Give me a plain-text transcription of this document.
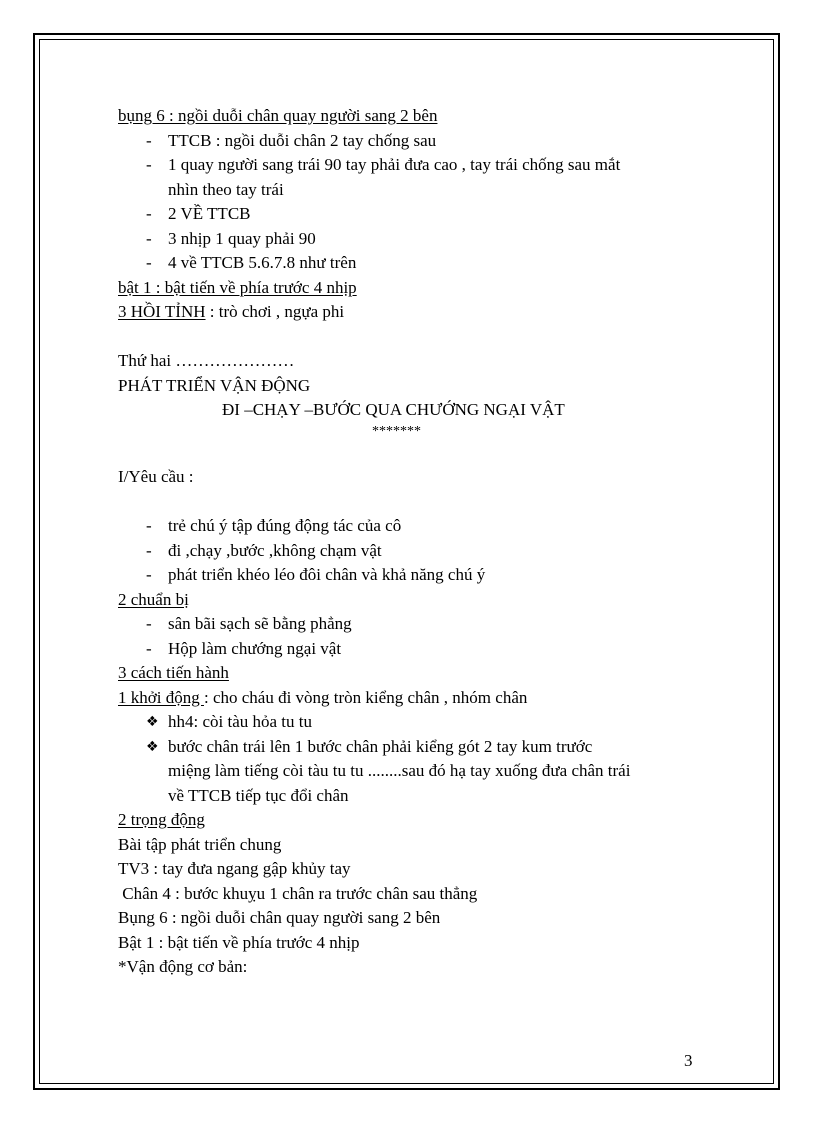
bụng 6 : ngồi duỗi chân quay người sang 2 bên
- TTCB : ngồi duỗi chân 2 tay chống sau
- 1 quay người sang trái 90 tay phải đưa cao , tay trái chống sau mắt
nhìn theo tay trái
- 2 VỀ TTCB
- 3 nhịp 1 quay phải 90
- 4 về TTCB 5.6.7.8 như trên
bật 1 : bật tiến về phía trước 4 nhịp
3 HỒI TỈNH : trò chơi , ngựa phi
Thứ hai …………………
PHÁT TRIỂN VẬN ĐỘNG
ĐI –CHẠY –BƯỚC QUA CHƯỚNG NGẠI VẬT
*******
I/Yêu cầu :
- trẻ chú ý tập đúng động tác của cô
- đi ,chạy ,bước ,không chạm vật
- phát triển khéo léo đôi chân và khả năng chú ý
2 chuẩn bị
- sân bãi sạch sẽ bằng phẳng
- Hộp làm chướng ngại vật
3 cách tiến hành
1 khởi động : cho cháu đi vòng tròn kiểng chân , nhóm chân
❖ hh4: còi tàu hỏa tu tu
❖ bước chân trái lên 1 bước chân phải kiểng gót 2 tay kum trước
miệng làm tiếng còi tàu tu tu ........sau đó hạ tay xuống đưa chân trái
về TTCB tiếp tục đổi chân
2 trọng động
Bài tập phát triển chung
TV3 : tay đưa ngang gập khủy tay
Chân 4 : bước khuỵu 1 chân ra trước chân sau thẳng
Bụng 6 : ngồi duỗi chân quay người sang 2 bên
Bật 1 : bật tiến về phía trước 4 nhịp
*Vận động cơ bản:
3
